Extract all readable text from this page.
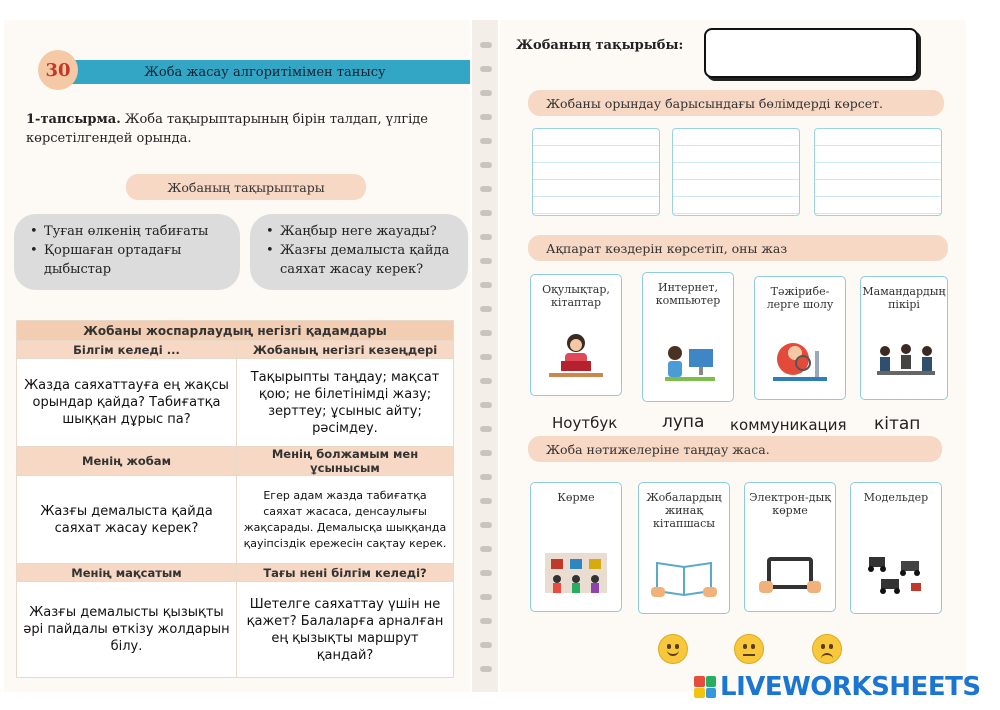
Жоба жасау алгоритімімен танысу
30
1-тапсырма. Жоба тақырыптарының бірін талдап, үлгіде көрсетілгендей орында.
Жобаның тақырыптары
• Туған өлкенің табиғаты
• Қоршаған ортадағы дыбыстар
• Жаңбыр неге жауады?
• Жазғы демалыста қайда саяхат жасау керек?
Жобаны жоспарлаудың негізгі қадамдары	
Білгім келеді ...	Жобаның негізгі кезеңдері
Жазда саяхаттауға ең жақсы орындар қайда? Табиғатқа шыққан дұрыс па?	Тақырыпты таңдау; мақсат қою; не білетінімді жазу; зерттеу; ұсыныс айту; рәсімдеу.
Менің жобам	Менің болжамым мен ұсынысым
Жазғы демалыста қайда саяхат жасау керек?	Егер адам жазда табиғатқа саяхат жасаса, денсаулығы жақсарады. Демалысқа шыққанда қауіпсіздік ережесін сақтау керек.
Менің мақсатым	Тағы нені білгім келеді?
Жазғы демалысты қызықты әрі пайдалы өткізу жолдарын білу.	Шетелге саяхаттау үшін не қажет? Балаларға арналған ең қызықты маршрут қандай?
Жобаның тақырыбы:
Жобаны орындау барысындағы бөлімдерді көрсет.
Ақпарат көздерін көрсетіп, оны жаз
Оқулықтар, кітаптар
Интернет, компьютер
Тәжірибе-лерге шолу
Мамандардың пікірі
Ноутбук	лупа коммуникация кітап
Жоба нәтижелеріне таңдау жаса.
Көрме	Жобалардың жинақ кітапшасы
Электрон-дық көрме
Модельдер
LIVEWORKSHEETS
